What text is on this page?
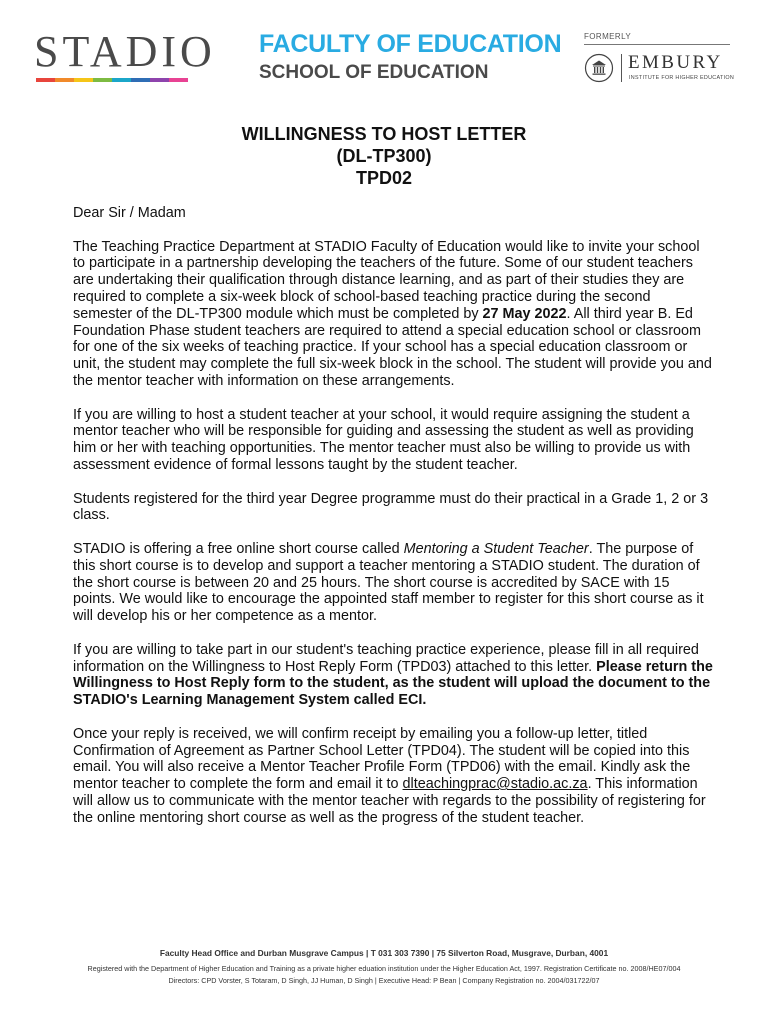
STADIO FACULTY OF EDUCATION
SCHOOL OF EDUCATION
FORMERLY
EMBURY
INSTITUTE FOR HIGHER EDUCATION
WILLINGNESS TO HOST LETTER
(DL-TP300)
TPD02

Dear Sir / Madam

The Teaching Practice Department at STADIO Faculty of Education would like to invite your school to participate in a partnership developing the teachers of the future. Some of our student teachers are undertaking their qualification through distance learning, and as part of their studies they are required to complete a six-week block of school-based teaching practice during the second semester of the DL-TP300 module which must be completed by 27 May 2022. All third year B. Ed Foundation Phase student teachers are required to attend a special education school or classroom for one of the six weeks of teaching practice. If your school has a special education classroom or unit, the student may complete the full six-week block in the school. The student will provide you and the mentor teacher with information on these arrangements.

If you are willing to host a student teacher at your school, it would require assigning the student a mentor teacher who will be responsible for guiding and assessing the student as well as providing him or her with teaching opportunities. The mentor teacher must also be willing to provide us with assessment evidence of formal lessons taught by the student teacher.

Students registered for the third year Degree programme must do their practical in a Grade 1, 2 or 3 class.

STADIO is offering a free online short course called Mentoring a Student Teacher. The purpose of this short course is to develop and support a teacher mentoring a STADIO student. The duration of the short course is between 20 and 25 hours. The short course is accredited by SACE with 15 points. We would like to encourage the appointed staff member to register for this short course as it will develop his or her competence as a mentor.

If you are willing to take part in our student's teaching practice experience, please fill in all required information on the Willingness to Host Reply Form (TPD03) attached to this letter. Please return the Willingness to Host Reply form to the student, as the student will upload the document to the STADIO's Learning Management System called ECI.

Once your reply is received, we will confirm receipt by emailing you a follow-up letter, titled Confirmation of Agreement as Partner School Letter (TPD04). The student will be copied into this email. You will also receive a Mentor Teacher Profile Form (TPD06) with the email. Kindly ask the mentor teacher to complete the form and email it to dlteachingprac@stadio.ac.za. This information will allow us to communicate with the mentor teacher with regards to the possibility of registering for the online mentoring short course as well as the progress of the student teacher.

Faculty Head Office and Durban Musgrave Campus | T 031 303 7390 | 75 Silverton Road, Musgrave, Durban, 4001
Registered with the Department of Higher Education and Training as a private higher eduation institution under the Higher Education Act, 1997. Registration Certificate no. 2008/HE07/004
Directors: CPD Vorster, S Totaram, D Singh, JJ Human, D Singh | Executive Head: P Bean | Company Registration no. 2004/031722/07
